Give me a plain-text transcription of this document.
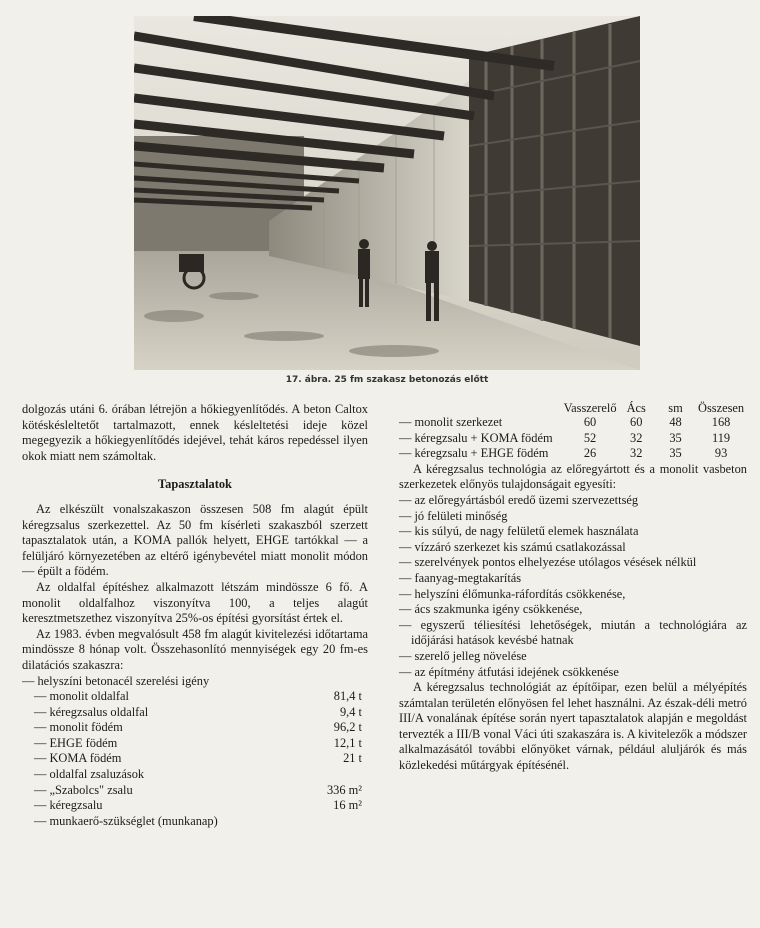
17. ábra. 25 fm szakasz betonozás előtt
dolgozás utáni 6. órában létrejön a hőkiegyenlítődés. A beton Caltox kötéskésleltetőt tartalmazott, ennek késleltetési ideje közel megegyezik a hőkiegyenlítődés idejével, tehát káros repedéssel ilyen okok miatt nem számoltak.
Tapasztalatok
Az elkészült vonalszakaszon összesen 508 fm alagút épült kéregzsalus szerkezettel. Az 50 fm kísérleti szakaszból szerzett tapasztalatok után, a KOMA pallók helyett, EHGE tartókkal — a felüljáró környezetében az eltérő igénybevétel miatt monolit módon — épült a födém.
Az oldalfal építéshez alkalmazott létszám mindössze 6 fő. A monolit oldalfalhoz viszonyítva 100, a teljes alagút keresztmetszethez viszonyítva 25%-os építési gyorsítást értek el.
Az 1983. évben megvalósult 458 fm alagút kivitelezési időtartama mindössze 8 hónap volt. Összehasonlító mennyiségek egy 20 fm-es dilatációs szakaszra:
— helyszíni betonacél szerelési igény
— monolit oldalfal	81,4 t
— kéregzsalus oldalfal	9,4 t
— monolit födém	96,2 t
— EHGE födém	12,1 t
— KOMA födém	21 t
— oldalfal zsaluzások
— „Szabolcs" zsalu	336 m²
— kéregzsalu	16 m²
— munkaerő-szükséglet (munkanap)
	Vasszerelő	Ács	sm	Összesen
— monolit szerkezet	60	60	48	168
— kéregzsalu + KOMA födém	52	32	35	119
— kéregzsalu + EHGE födém	26	32	35	93
A kéregzsalus technológia az előregyártott és a monolit vasbeton szerkezetek előnyös tulajdonságait egyesíti:
— az előregyártásból eredő üzemi szervezettség
— jó felületi minőség
— kis súlyú, de nagy felületű elemek használata
— vízzáró szerkezet kis számú csatlakozással
— szerelvények pontos elhelyezése utólagos vésések nélkül
— faanyag-megtakarítás
— helyszíni élőmunka-ráfordítás csökkenése,
— ács szakmunka igény csökkenése,
— egyszerű téliesítési lehetőségek, miután a technológiára az időjárási hatások kevésbé hatnak
— szerelő jelleg növelése
— az építmény átfutási idejének csökkenése
A kéregzsalus technológiát az építőipar, ezen belül a mélyépítés számtalan területén előnyösen fel lehet használni. Az észak-déli metró III/A vonalának építése során nyert tapasztalatok alapján e megoldást tervezték a III/B vonal Váci úti szakaszára is. A kivitelezők a módszer alkalmazásától további előnyöket várnak, például aluljárók és más közlekedési műtárgyak építésénél.
